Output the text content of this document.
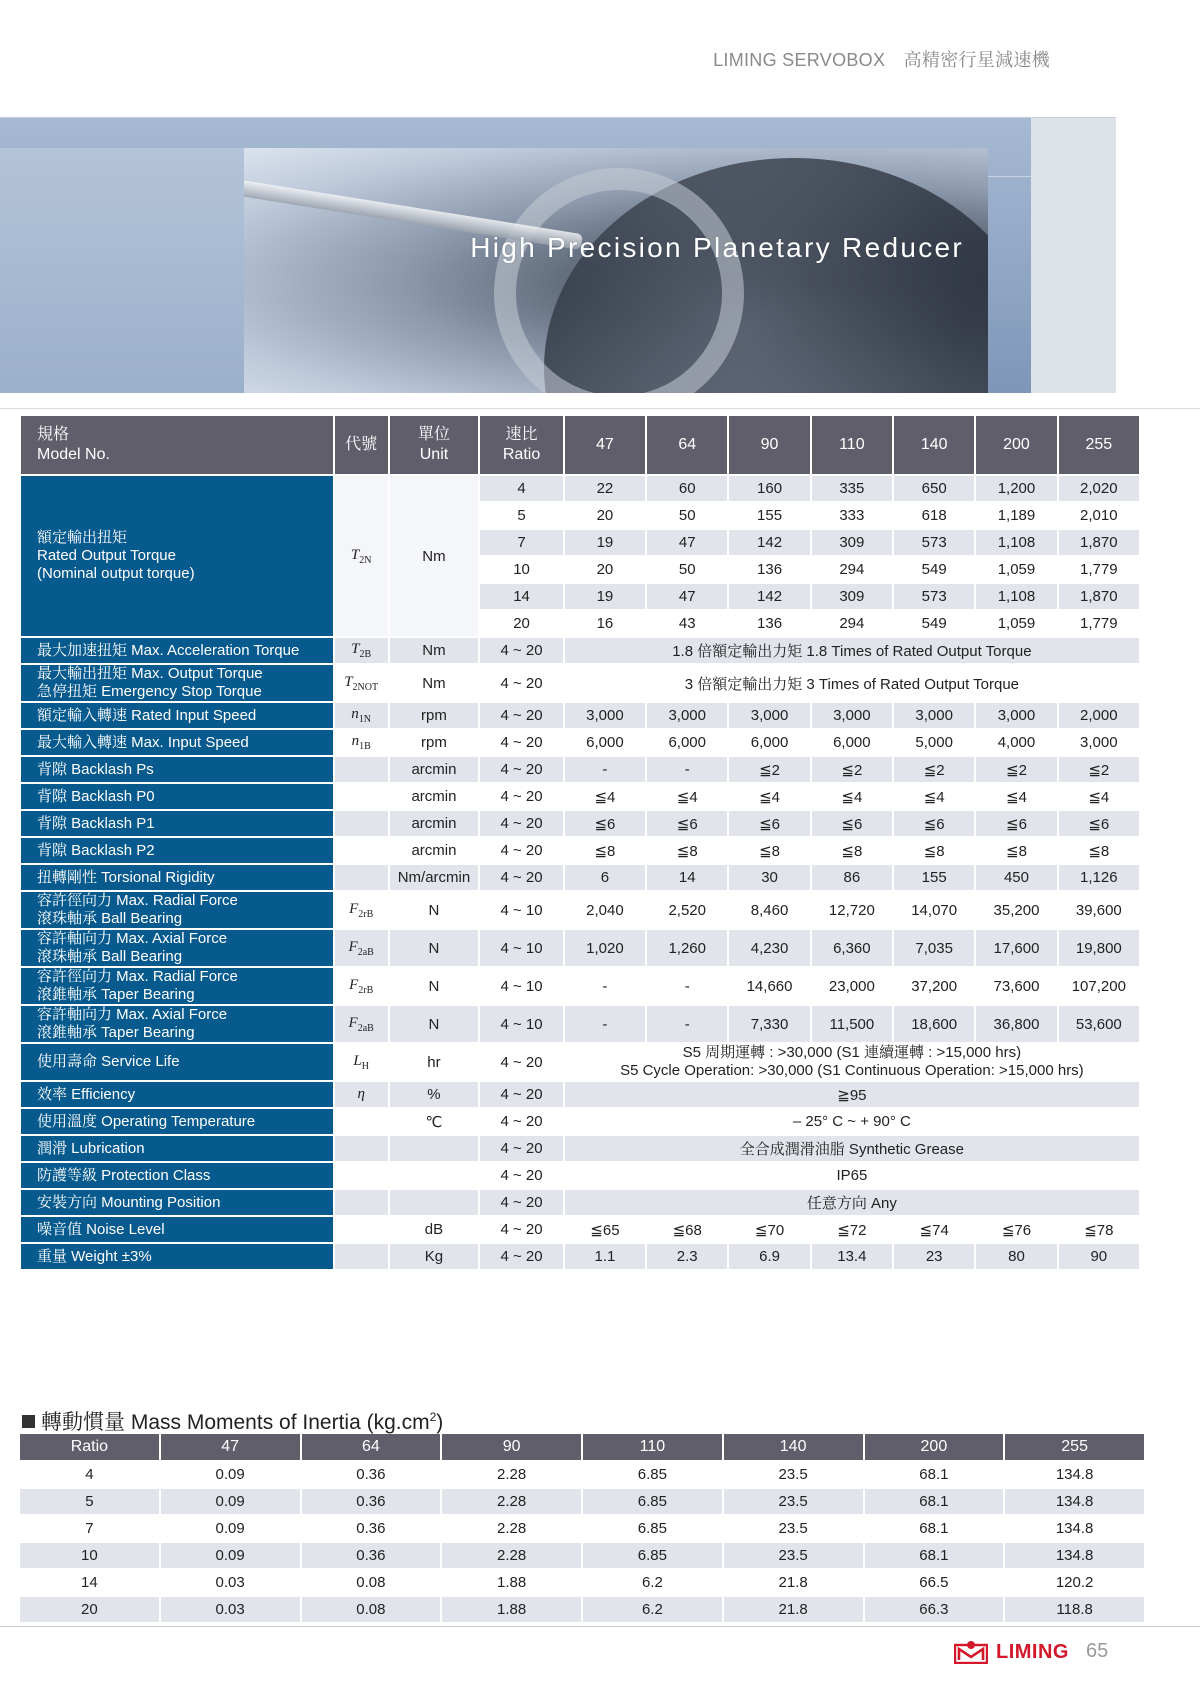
LIMING SERVOBOX　高精密行星減速機
High Precision Planetary Reducer
規格
Model No.	代號	單位
Unit	速比
Ratio	47	64	90	110	140	200	255
額定輸出扭矩
Rated Output Torque
(Nominal output torque)	$T_{2N}$	Nm	4	22	60	160	335	650	1,200	2,020
			5	20	50	155	333	618	1,189	2,010
			7	19	47	142	309	573	1,108	1,870
			10	20	50	136	294	549	1,059	1,779
			14	19	47	142	309	573	1,108	1,870
			20	16	43	136	294	549	1,059	1,779
最大加速扭矩 Max. Acceleration Torque	$T_{2B}$	Nm	4 ~ 20	1.8 倍額定輸出力矩 1.8 Times of Rated Output Torque						
最大輸出扭矩 Max. Output Torque
急停扭矩 Emergency Stop Torque	$T_{2NOT}$	Nm	4 ~ 20	3 倍額定輸出力矩 3 Times of Rated Output Torque						
額定輸入轉速 Rated Input Speed	$n_{1N}$	rpm	4 ~ 20	3,000	3,000	3,000	3,000	3,000	3,000	2,000
最大輸入轉速 Max. Input Speed	$n_{1B}$	rpm	4 ~ 20	6,000	6,000	6,000	6,000	5,000	4,000	3,000
背隙 Backlash Ps		arcmin	4 ~ 20	-	-	≦2	≦2	≦2	≦2	≦2
背隙 Backlash P0		arcmin	4 ~ 20	≦4	≦4	≦4	≦4	≦4	≦4	≦4
背隙 Backlash P1		arcmin	4 ~ 20	≦6	≦6	≦6	≦6	≦6	≦6	≦6
背隙 Backlash P2		arcmin	4 ~ 20	≦8	≦8	≦8	≦8	≦8	≦8	≦8
扭轉剛性 Torsional Rigidity		Nm/arcmin	4 ~ 20	6	14	30	86	155	450	1,126
容許徑向力 Max. Radial Force
滾珠軸承 Ball Bearing	$F_{2rB}$	N	4 ~ 10	2,040	2,520	8,460	12,720	14,070	35,200	39,600
容許軸向力 Max. Axial Force
滾珠軸承 Ball Bearing	$F_{2aB}$	N	4 ~ 10	1,020	1,260	4,230	6,360	7,035	17,600	19,800
容許徑向力 Max. Radial Force
滾錐軸承 Taper Bearing	$F_{2rB}$	N	4 ~ 10	-	-	14,660	23,000	37,200	73,600	107,200
容許軸向力 Max. Axial Force
滾錐軸承 Taper Bearing	$F_{2aB}$	N	4 ~ 10	-	-	7,330	11,500	18,600	36,800	53,600
使用壽命 Service Life	$L_H$	hr	4 ~ 20	S5 周期運轉 : >30,000 (S1 連續運轉 : >15,000 hrs)
S5 Cycle Operation: >30,000 (S1 Continuous Operation: >15,000 hrs)						
效率 Efficiency	η	%	4 ~ 20	≧95						
使用溫度 Operating Temperature		℃	4 ~ 20	– 25° C ~ + 90° C						
潤滑 Lubrication			4 ~ 20	全合成潤滑油脂 Synthetic Grease						
防護等級 Protection Class			4 ~ 20	IP65						
安裝方向 Mounting Position			4 ~ 20	任意方向 Any						
噪音值 Noise Level		dB	4 ~ 20	≦65	≦68	≦70	≦72	≦74	≦76	≦78
重量 Weight ±3%		Kg	4 ~ 20	1.1	2.3	6.9	13.4	23	80	90
轉動慣量 Mass Moments of Inertia $(kg.cm^2)$
Ratio	47	64	90	110	140	200	255
4	0.09	0.36	2.28	6.85	23.5	68.1	134.8
5	0.09	0.36	2.28	6.85	23.5	68.1	134.8
7	0.09	0.36	2.28	6.85	23.5	68.1	134.8
10	0.09	0.36	2.28	6.85	23.5	68.1	134.8
14	0.03	0.08	1.88	6.2	21.8	66.5	120.2
20	0.03	0.08	1.88	6.2	21.8	66.3	118.8
LIMING 65
